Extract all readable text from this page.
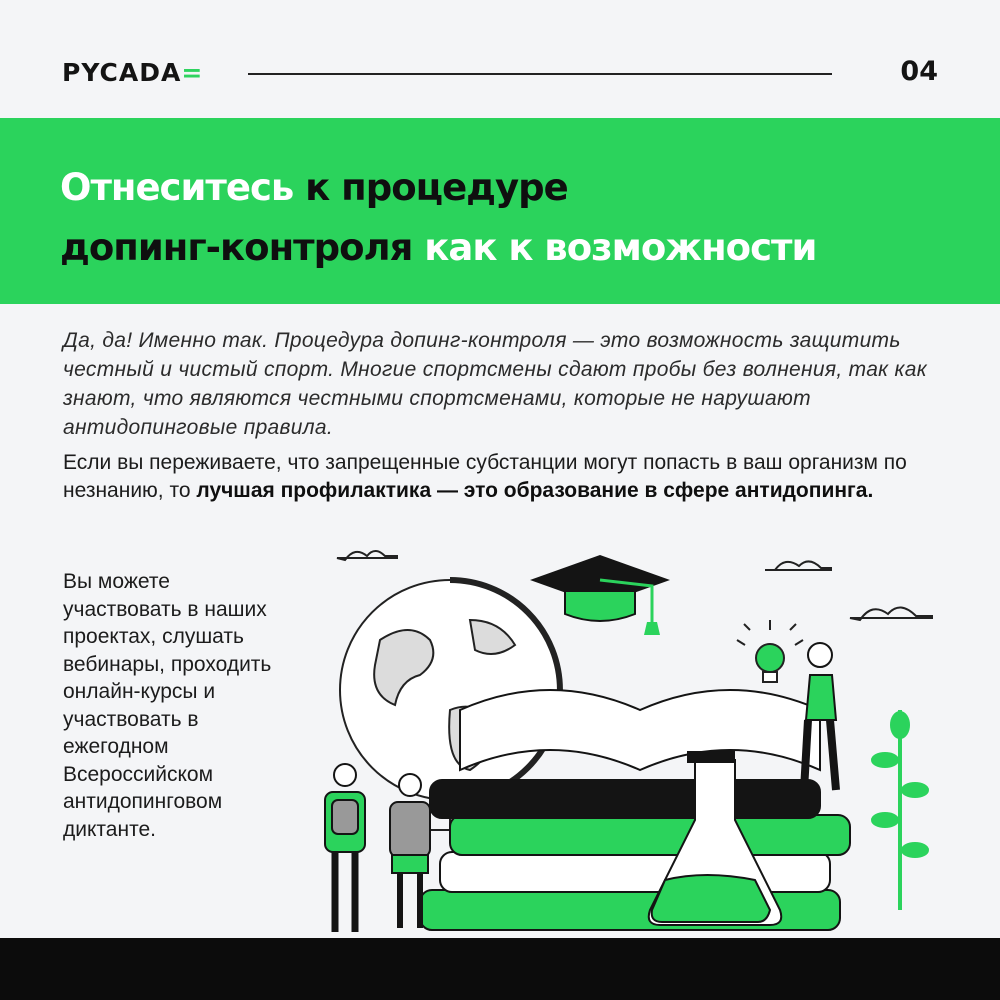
PYCADA=	04
Отнеситесь к процедуре
допинг-контроля как к возможности

Да, да! Именно так. Процедура допинг-контроля — это возможность защитить честный и чистый спорт. Многие спортсмены сдают пробы без волнения, так как знают, что являются честными спортсменами, которые не нарушают антидопинговые правила.

Если вы переживаете, что запрещенные субстанции могут попасть в ваш организм по незнанию, то лучшая профилактика — это образование в сфере антидопинга.

Вы можете участвовать в наших проектах, слушать вебинары, проходить онлайн-курсы и участвовать в ежегодном Всероссийском антидопинговом диктанте.
